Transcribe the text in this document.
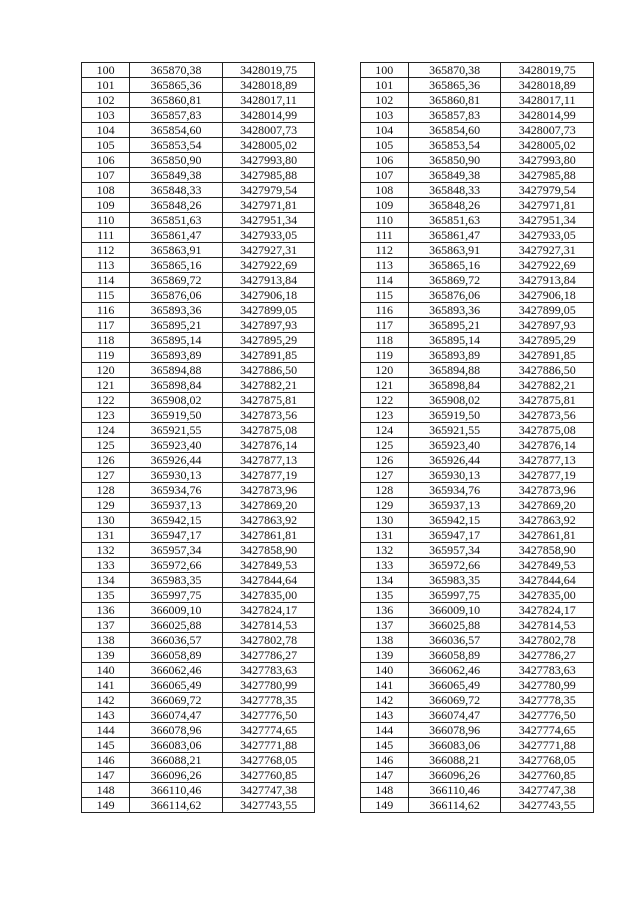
100	365870,38	3428019,75		100	365870,38	3428019,75
101	365865,36	3428018,89		101	365865,36	3428018,89
102	365860,81	3428017,11		102	365860,81	3428017,11
103	365857,83	3428014,99		103	365857,83	3428014,99
104	365854,60	3428007,73		104	365854,60	3428007,73
105	365853,54	3428005,02		105	365853,54	3428005,02
106	365850,90	3427993,80		106	365850,90	3427993,80
107	365849,38	3427985,88		107	365849,38	3427985,88
108	365848,33	3427979,54		108	365848,33	3427979,54
109	365848,26	3427971,81		109	365848,26	3427971,81
110	365851,63	3427951,34		110	365851,63	3427951,34
111	365861,47	3427933,05		111	365861,47	3427933,05
112	365863,91	3427927,31		112	365863,91	3427927,31
113	365865,16	3427922,69		113	365865,16	3427922,69
114	365869,72	3427913,84		114	365869,72	3427913,84
115	365876,06	3427906,18		115	365876,06	3427906,18
116	365893,36	3427899,05		116	365893,36	3427899,05
117	365895,21	3427897,93		117	365895,21	3427897,93
118	365895,14	3427895,29		118	365895,14	3427895,29
119	365893,89	3427891,85		119	365893,89	3427891,85
120	365894,88	3427886,50		120	365894,88	3427886,50
121	365898,84	3427882,21		121	365898,84	3427882,21
122	365908,02	3427875,81		122	365908,02	3427875,81
123	365919,50	3427873,56		123	365919,50	3427873,56
124	365921,55	3427875,08		124	365921,55	3427875,08
125	365923,40	3427876,14		125	365923,40	3427876,14
126	365926,44	3427877,13		126	365926,44	3427877,13
127	365930,13	3427877,19		127	365930,13	3427877,19
128	365934,76	3427873,96		128	365934,76	3427873,96
129	365937,13	3427869,20		129	365937,13	3427869,20
130	365942,15	3427863,92		130	365942,15	3427863,92
131	365947,17	3427861,81		131	365947,17	3427861,81
132	365957,34	3427858,90		132	365957,34	3427858,90
133	365972,66	3427849,53		133	365972,66	3427849,53
134	365983,35	3427844,64		134	365983,35	3427844,64
135	365997,75	3427835,00		135	365997,75	3427835,00
136	366009,10	3427824,17		136	366009,10	3427824,17
137	366025,88	3427814,53		137	366025,88	3427814,53
138	366036,57	3427802,78		138	366036,57	3427802,78
139	366058,89	3427786,27		139	366058,89	3427786,27
140	366062,46	3427783,63		140	366062,46	3427783,63
141	366065,49	3427780,99		141	366065,49	3427780,99
142	366069,72	3427778,35		142	366069,72	3427778,35
143	366074,47	3427776,50		143	366074,47	3427776,50
144	366078,96	3427774,65		144	366078,96	3427774,65
145	366083,06	3427771,88		145	366083,06	3427771,88
146	366088,21	3427768,05		146	366088,21	3427768,05
147	366096,26	3427760,85		147	366096,26	3427760,85
148	366110,46	3427747,38		148	366110,46	3427747,38
149	366114,62	3427743,55		149	366114,62	3427743,55
